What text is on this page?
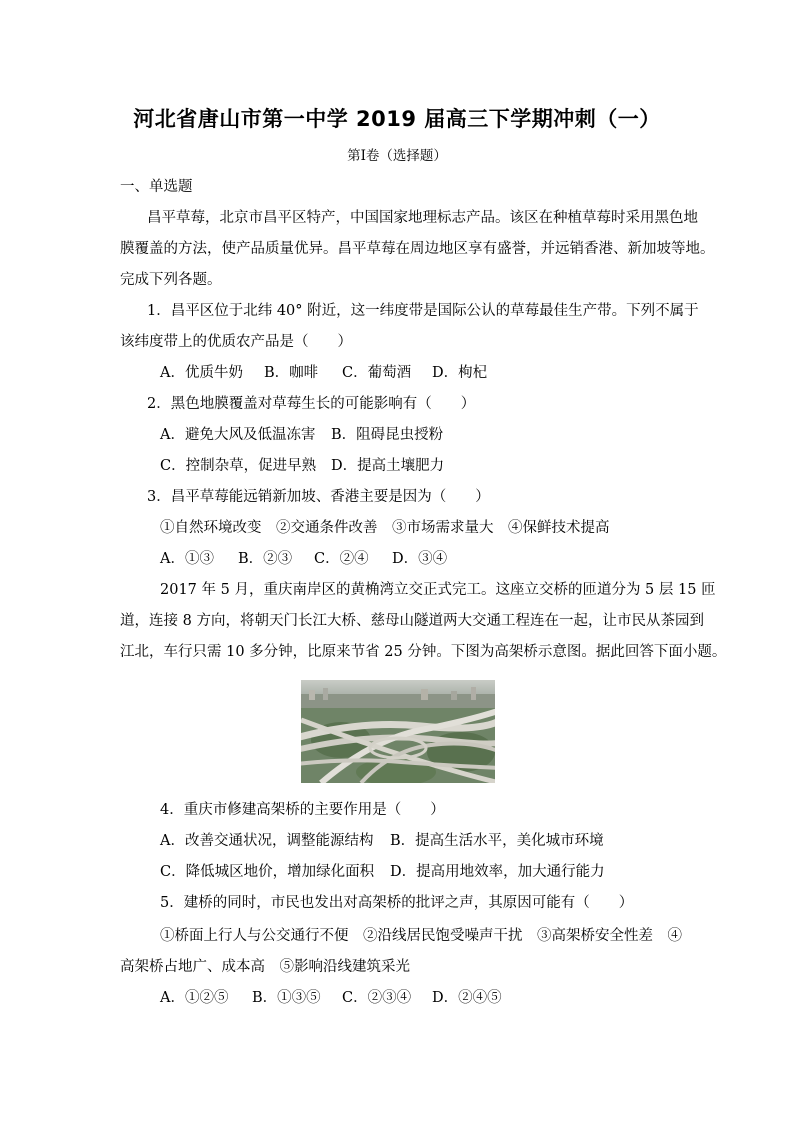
河北省唐山市第一中学 2019 届高三下学期冲刺（一）
第Ⅰ卷（选择题）
一、单选题
昌平草莓，北京市昌平区特产，中国国家地理标志产品。该区在种植草莓时采用黑色地
膜覆盖的方法，使产品质量优异。昌平草莓在周边地区享有盛誉，并远销香港、新加坡等地。
完成下列各题。
1．昌平区位于北纬 40° 附近，这一纬度带是国际公认的草莓最佳生产带。下列不属于
该纬度带上的优质农产品是（　　）
A．优质牛奶 B．咖啡 C．葡萄酒 D．枸杞
2．黑色地膜覆盖对草莓生长的可能影响有（　　）
A．避免大风及低温冻害 B．阻碍昆虫授粉
C．控制杂草，促进早熟 D．提高土壤肥力
3．昌平草莓能远销新加坡、香港主要是因为（　　）
①自然环境改变　②交通条件改善　③市场需求量大　④保鲜技术提高
A．①③ B．②③ C．②④ D．③④
2017 年 5 月，重庆南岸区的黄桷湾立交正式完工。这座立交桥的匝道分为 5 层 15 匝
道，连接 8 方向，将朝天门长江大桥、慈母山隧道两大交通工程连在一起，让市民从茶园到
江北，车行只需 10 多分钟，比原来节省 25 分钟。下图为高架桥示意图。据此回答下面小题。
4．重庆市修建高架桥的主要作用是（　　）
A．改善交通状况，调整能源结构 B．提高生活水平，美化城市环境
C．降低城区地价，增加绿化面积 D．提高用地效率，加大通行能力
5．建桥的同时，市民也发出对高架桥的批评之声，其原因可能有（　　）
①桥面上行人与公交通行不便　②沿线居民饱受噪声干扰　③高架桥安全性差　④
高架桥占地广、成本高　⑤影响沿线建筑采光
A．①②⑤ B．①③⑤ C．②③④ D．②④⑤
